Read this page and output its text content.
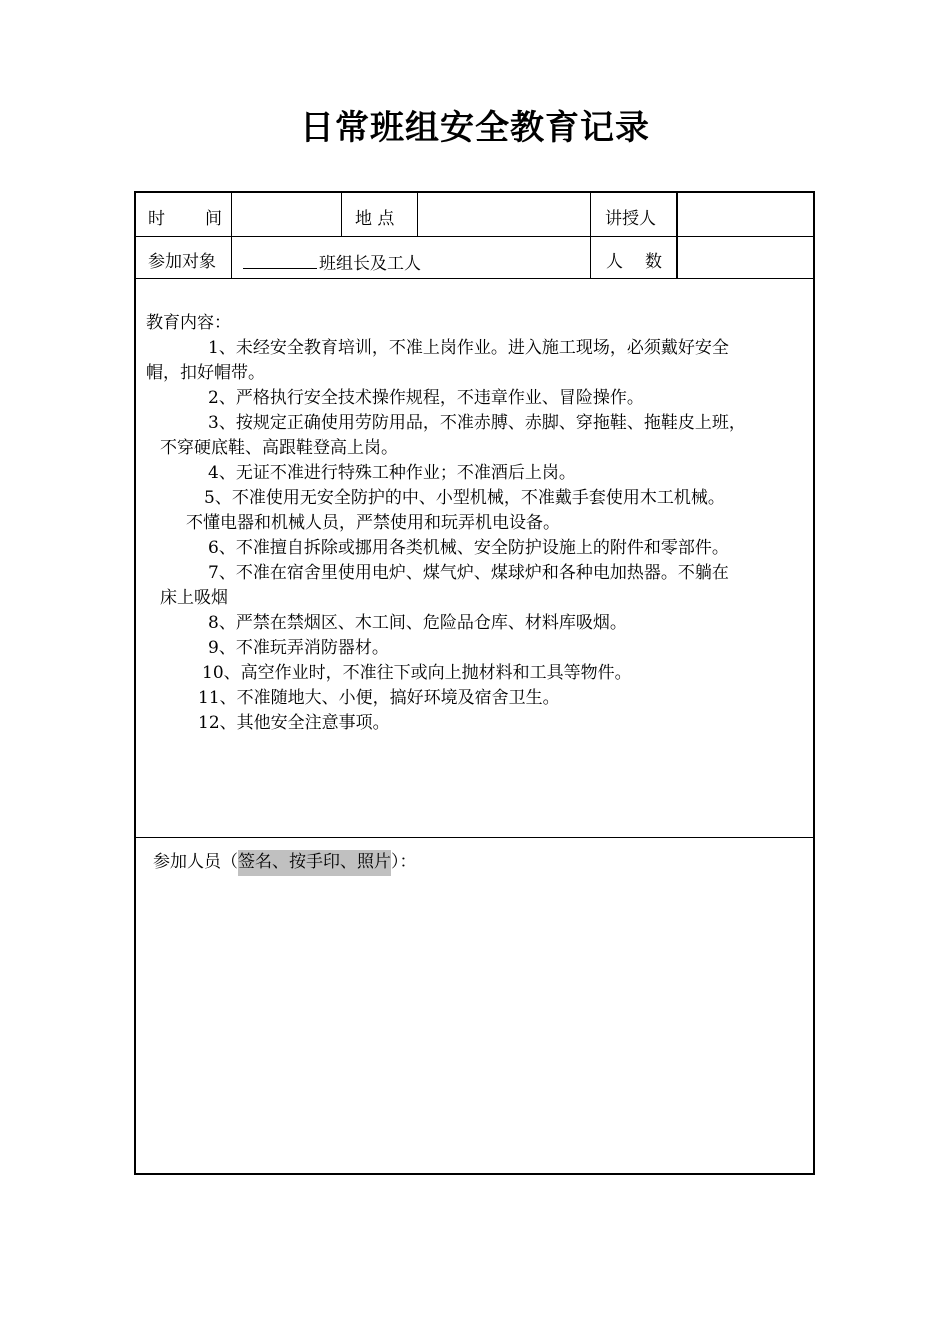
日常班组安全教育记录
时 间	地 点	讲授人
参加对象	班组长及工人	人 数
教育内容：
1、未经安全教育培训，不准上岗作业。进入施工现场，必须戴好安全
帽，扣好帽带。
2、严格执行安全技术操作规程，不违章作业、冒险操作。
3、按规定正确使用劳防用品，不准赤膊、赤脚、穿拖鞋、拖鞋皮上班，
不穿硬底鞋、高跟鞋登高上岗。
4、无证不准进行特殊工种作业；不准酒后上岗。
5、不准使用无安全防护的中、小型机械，不准戴手套使用木工机械。
不懂电器和机械人员，严禁使用和玩弄机电设备。
6、不准擅自拆除或挪用各类机械、安全防护设施上的附件和零部件。
7、不准在宿舍里使用电炉、煤气炉、煤球炉和各种电加热器。不躺在
床上吸烟
8、严禁在禁烟区、木工间、危险品仓库、材料库吸烟。
9、不准玩弄消防器材。
10、高空作业时，不准往下或向上抛材料和工具等物件。
11、不准随地大、小便，搞好环境及宿舍卫生。
12、其他安全注意事项。
参加人员（签名、按手印、照片）：
